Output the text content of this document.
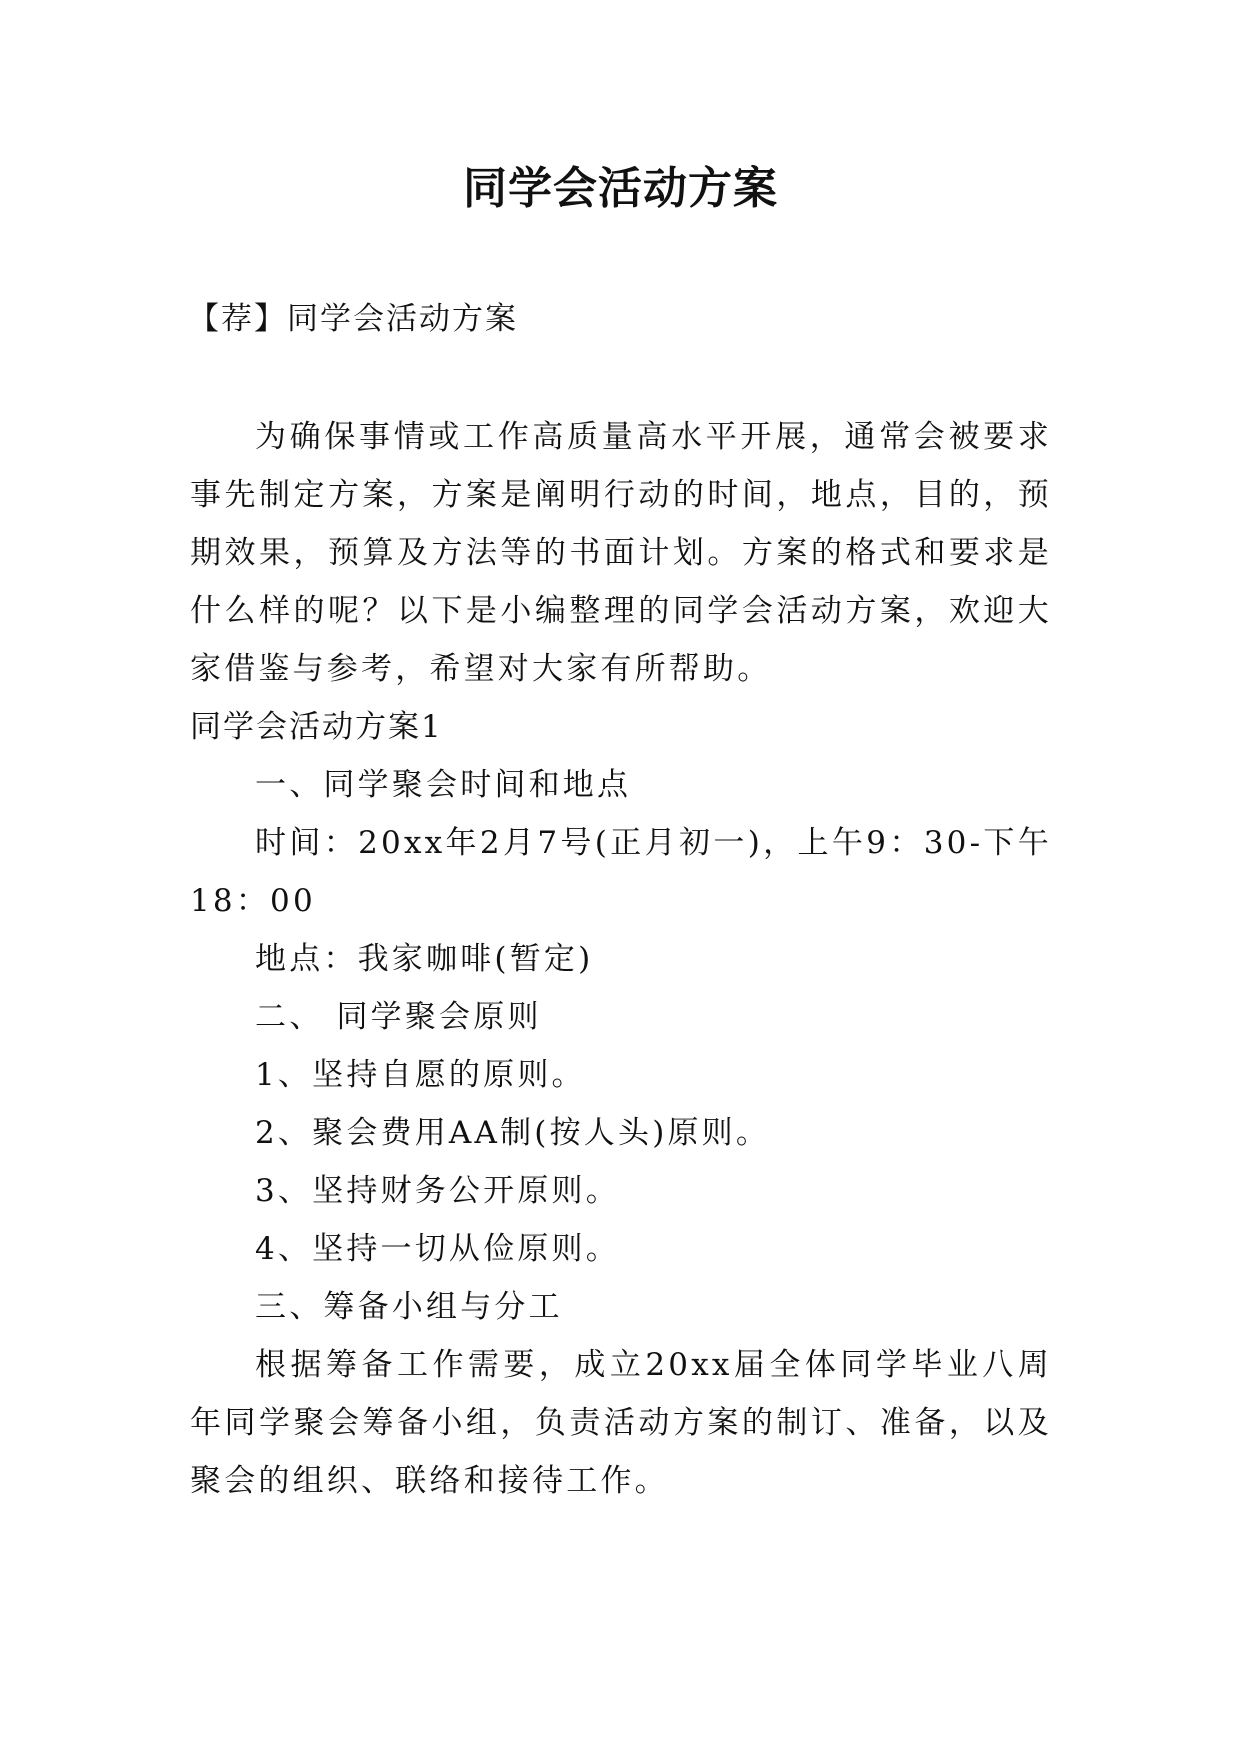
同学会活动方案
【荐】同学会活动方案

为确保事情或工作高质量高水平开展，通常会被要求事先制定方案，方案是阐明行动的时间，地点，目的，预期效果，预算及方法等的书面计划。方案的格式和要求是什么样的呢？以下是小编整理的同学会活动方案，欢迎大家借鉴与参考，希望对大家有所帮助。

同学会活动方案1

一、同学聚会时间和地点

时间：20xx年2月7号(正月初一)，上午9：30-下午18：00

地点：我家咖啡(暂定)

二、 同学聚会原则

1、坚持自愿的原则。

2、聚会费用AA制(按人头)原则。

3、坚持财务公开原则。

4、坚持一切从俭原则。

三、筹备小组与分工

根据筹备工作需要，成立20xx届全体同学毕业八周年同学聚会筹备小组，负责活动方案的制订、准备，以及聚会的组织、联络和接待工作。
